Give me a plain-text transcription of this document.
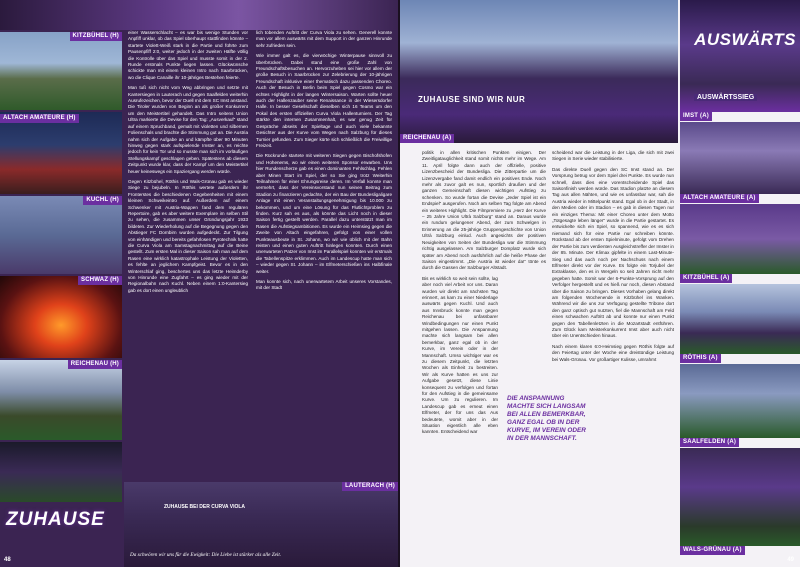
KITZBÜHEL (H)
ALTACH AMATEURE (H)
KUCHL (H)
SCHWAZ (H)
REICHENAU (H)

einer Wasserschlacht – es war bis wenige Stunden vor Anpfiff unklar, ob das Spiel überhaupt stattfinden könnte – startete Violett-Weiß stark in die Partie und führte zum Pausenpfiff 2:0, weiter jedoch in der zweiten Hälfte völlig die Kontrolle über das Spiel und musste somit in der 2. Runde erstmals Punkte liegen lassen. Glückwünsche schickte man mit einem kleinen Intro nach Saarbrücken, wo die Clique Canaille ihr 10-jähriges Bestehen feierte.

Man tuß sich nicht vom Weg abbringen und setzte mit Kantersiegen in Lauterach und gegen Saalfelden weiterhin Ausrufezeichen, bevor der Duell mit dem SC Imst anstand. Die Tiroler wurden von Beginn an als großer Konkurrent um den Meistertitel gehandelt. Das Intro seitens Union Ultra markierte die Devise für den Tag: „Ausverkauf“ stand auf einem Spruchband, gemalt mit violetten und silbernen Folienschals und brachte die Stimmung gut an. Die Austria nahm sich der Aufgabe an und kämpfte über 90 Minuten hinweg gegen stark aufspielende Imster an, es reichte jedoch für kein Tor und so musste man sich im vorläufigen Stellungskampf geschlagen geben. Spätestens ab diesem Zeitpunkt wurde klar, dass der Kampf um den Meistertitel heuer keineswegs ein Spaziergang werden würde.

Gegen Kitzbühel, Röthis und Wals-Grünau gab es wieder Siege zu bejubeln. In Röthis wertete außerdem ihr Fronterstes die beschiedenen Gegebenheiten mit einem kleinen Schweikeintro auf. Außerdem auf einem Schwenker mit Austria-Wappen fand dem regulären Repertoire, gab es aber weitere Exemplare im selben Stil zu sehen, die zusammen unser Gründungsjahr 1933 bildeten. Zur Wiederholung auf die Begegnung gegen den Abstieger FC Dornbirn wurden aufgedeckt. Zur Tilgung von einhändigen und bereits gefahrlosen Pyrotechnik hatte die Curva Viola am Samstagnachmittag auf die Beine gestellt. Zum ersten Mal in dieser Saison sah man auf dem Rasen eine wirklich katastrophale Leistung der Violetten, es fehlte an jeglichem Kampfgeist. Bevor es in den Winterschlaf ging, beschertes uns das letzte Heimderby von Hinrunde eine Zugfahrt – es ging wieder mit der Regionalbahn nach Kuchl. Neben einem 1:0-Kantersieg gab es dort einen ungleublich

lich tobenden Auftritt der Curva Viola zu sehen. Generell konnte man vor allem auswärts mit dem Support in der ganzen Hinrunde sehr zufrieden sein.

Wie immer galt es, die vierwöchige Winterpause sinnvoll zu überbrücken. Dabei stand eine große Zahl von Freundschaftsbesuchen an. Hervorzuheben sei hier vor allem der große Besuch in Saarbrücken zur Zelebrierung der 10-jährigen Freundschaft inklusive einer thematisch dazu passenden Choreo. Auch der Besuch in Berlin beim Spiel gegen Cosmo war ein echtes Highlight in der langen Wintersaison. Warten sollte heuer auch der Hallenzauber seine Renaissance in der Wiesersdorfer Halle. In besser Gesellschaft dieselben sich 16 Teams um den Pokal des ersten offiziellen Curva Viola Hallenturniers. Der Tag stärkte den internen Zusammenhalt, es war genug Zeit für Gespräche abseits der Spieltage und auch viele bekannte Gesichter aus der Kurve vom Wegen nach Salzburg für dieses Turnier gefunden. Zum Sieger kürte sich schließlich die Freiwillige Freizeit.

Die Rückrunde startete mit weiteren Siegen gegen Bischofshofen und Hohenems, wo wir einen weiteren Sponsor erwarben. Uns hier Rundenscherze gab es einen dominanten Fehlschlag. Fehlen aber Minen Start im Spiel, der so Sie ging trotz Weiterhin Teilnahmen für einer Ehrungsreise deren. Im Verfall konnte man vermehrt, dass der Vereinsvorstand nun seinen Beitrag zum Stadion zu finanzieren gedachte, der ein Bau der Bundesligaligare Anlage mit einen Veranstaltungsgenehmigung bis 10.000 zu bekommen, und um eine Lösung für das Flutlichtproblem zu finden. Kurz sah es aus, als könnte das Licht noch in dieser Saison fertig gestellt werden. Parallel dazu unterstützt man im Rasen die Aufstiegsambitionen. Es wurde ein Heimsieg gegen die Zweite von Altach eingefahren, gefolgt von einer vollen Punkteausbeute in St. Johann, wo wir wie üblich mit der Bahn reisten und einen guten Auftritt hinlegen konnten. Durch einen unerwarteten Patzer von Imst im Parallelspiel konnten wir erstmals die Tabellenspitze erklimmen. Auch im Landescup hatte man sich – wieder gegen St. Johann – im Elfmeterschießen ins Halbfinale weiter.

Man konnte sich, nach unerwartetem Arbeit unseres Vorstandes, mit der Stadt

LAUTERACH (H)
ZUHAUSE BEI DER CURVA VIOLA
Da schwören wir uns für die Ewigkeit: Die Liebe ist stärker als alle Zeit.
ZUHAUSE
48
ZUHAUSE SIND WIR NUR
REICHENAU (A)
AUSWÄRTS
AUSWÄRTSSIEG
IMST (A)
ALTACH AMATEURE (A)
KITZBÜHEL (A)
RÖTHIS (A)
SAALFELDEN (A)
WALS-GRÜNAU (A)

politik in allen kritischen Punkten einigen. Der Zweitligatauglichkeit stand somit nichts mehr im Wege. Am 11. April folgte dann auch der offizielle, positive Lizenzbescheid der Bundesliga. Die Zitterpartie um die Lizenzvergabe fand damit endlich ein positives Ende. Noch mehr als zuvor galt es nun, sportlich draußen und der ganzen Gemeinschaft diesen wichtigen Aufstieg zu schenken. So wurde fortan die Devise „Jeder Spiel ist ein Endspiel“ ausgerufen. Noch am selben Tag folgte am Abend ein weiteres Highlight. Die Filmpremiere zu „Herz der Kurve – 25 Jahre Union Ultrà Salzburg“ stand an. Daraus wurde ein rundum gelungener Abend, der zum Schwelgen in Erinnerung an die 25-jährige Gruppengeschichte von Union Ultrà Salzburg einlud. Auch angesichts der positiven Neuigkeiten von Seiten der Bundesliga war die Stimmung richtig ausgelassen. Am Salzburger Domplatz wurde sich später am Abend noch ausführlich auf die heiße Phase der Saison eingestimmt. „Die Austria ist wieder da!“ tönte es durch die Gassen der Salzburger Altstadt.

Bis es wirklich so weit sein sollte, lag aber noch viel Arbeit vor uns. Daran wurden wir direkt am nächsten Tag erinnert, as kam zu einer Niederlage auswärts gegen Kuchl. Und auch aus Innsbruck konnte man gegen Reichenau bei unfassbarer Windbedingungen nur einen Punkt mitgehen lassen. Die Anspannung machte sich langsam bei allen bemerkbar, ganz egal ob in der Kurve, im Verein oder in der Mannschaft. Umso wichtiger war es zu diesem Zeitpunkt, die letzten Wochen als Einheit zu bestreiten. Wir als Kurve hatten es uns zur Aufgabe gesetzt, diese Linie konsequent zu verfolgen und fortan für den Aufstieg in die gemeinsame Kurve. Um zu regulieren. Im Landescup gab es erneut einen Elfmeter, der für uns das Aus bedeutete, womit aber in der Situation eigentlich alle eben kannten. Entscheidend war

DIE ANSPANNUNG MACHTE SICH LANGSAM BEI ALLEN BEMERKBAR, GANZ EGAL OB IN DER KURVE, IM VEREIN ODER IN DER MANNSCHAFT.

scheidend war die Leistung in der Liga, die sich mit zwei Siegen in Serie wieder stabilisierte.

Das direkte Duell gegen den SC Imst stand an. Der Vorsprung betrug vor dem Spiel drei Punkte. Es wurde nun schnell, dass dies eine vorentscheidende Spiel das Saisonfinish werden würde. Das Stadion platzte an diesem Tag aus allen Nähten, und wie es unfassbar war, sah die Austria wieder in Mittelpunkt stand. Egal ob in der Stadt, in den Medien oder im Stadion – es gab in diesen Tagen nur ein einziges Thema: Mit einer Choreo unter dem Motto „Totgesagte leben länger“ wurde in die Partie gestartet. Es entwickelte sich ein Spiel, so spannend, wie es es sich niemand sich für eine Partie nur schreiben könnte. Rückstand ab der ersten Spielminute, gefolgt vom Drehen der Partie bis zum verdienten Ausgleichstreffer der Imster in der 85. Minute. Der Klimax gipfelte in einem Last-Minute-Sieg und das auch noch per Nachschuss nach einem Elfmeter direkt vor der Kurve. Es folgte ein Torjubel der Extraklasse, den es in Wergeln so seit Jahren nicht mehr gegeben hatte. Somit war der 6-Punkte-Vorsprung auf den Verfolger hergestellt und es hieß nur noch, diesen Abstand über die Saison zu bringen. Dieses Vorhaben gelang direkt am folgenden Wochenende in Kitzbühel ins Wanken. Während wir die uns zur Verfügung gestellte Tribüne dort den ganz optisch gut nutzten, fiel die Mannschaft am Feld einen schwachen Auftritt ab und konnte nur einen Punkt gegen den Tabellenletzten in die Mozartstadt entführen. Zum Glück kam Meisterkonkurrent Imst aber auch nicht über ein Unentschieden hinaus.

Nach einem klaren 6:0-Heimsieg gegen Röthis folgte auf den Feiertag unter der Woche eine dreistündige Leistung bei Wals-Grünau. Vor großartiger Kulisse, umrahmt

49
